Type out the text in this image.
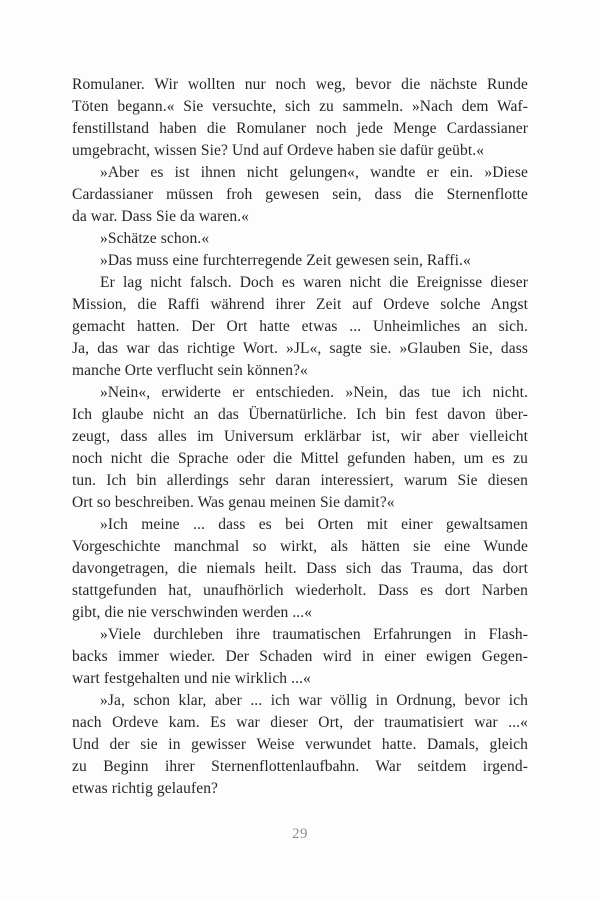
Romulaner. Wir wollten nur noch weg, bevor die nächste Runde
Töten begann.« Sie versuchte, sich zu sammeln. »Nach dem Waf-
fenstillstand haben die Romulaner noch jede Menge Cardassianer
umgebracht, wissen Sie? Und auf Ordeve haben sie dafür geübt.«
»Aber es ist ihnen nicht gelungen«, wandte er ein. »Diese
Cardassianer müssen froh gewesen sein, dass die Sternenflotte
da war. Dass Sie da waren.«
»Schätze schon.«
»Das muss eine furchterregende Zeit gewesen sein, Raffi.«
Er lag nicht falsch. Doch es waren nicht die Ereignisse dieser
Mission, die Raffi während ihrer Zeit auf Ordeve solche Angst
gemacht hatten. Der Ort hatte etwas ... Unheimliches an sich.
Ja, das war das richtige Wort. »JL«, sagte sie. »Glauben Sie, dass
manche Orte verflucht sein können?«
»Nein«, erwiderte er entschieden. »Nein, das tue ich nicht.
Ich glaube nicht an das Übernatürliche. Ich bin fest davon über-
zeugt, dass alles im Universum erklärbar ist, wir aber vielleicht
noch nicht die Sprache oder die Mittel gefunden haben, um es zu
tun. Ich bin allerdings sehr daran interessiert, warum Sie diesen
Ort so beschreiben. Was genau meinen Sie damit?«
»Ich meine ... dass es bei Orten mit einer gewaltsamen
Vorgeschichte manchmal so wirkt, als hätten sie eine Wunde
davongetragen, die niemals heilt. Dass sich das Trauma, das dort
stattgefunden hat, unaufhörlich wiederholt. Dass es dort Narben
gibt, die nie verschwinden werden ...«
»Viele durchleben ihre traumatischen Erfahrungen in Flash-
backs immer wieder. Der Schaden wird in einer ewigen Gegen-
wart festgehalten und nie wirklich ...«
»Ja, schon klar, aber ... ich war völlig in Ordnung, bevor ich
nach Ordeve kam. Es war dieser Ort, der traumatisiert war ...«
Und der sie in gewisser Weise verwundet hatte. Damals, gleich
zu Beginn ihrer Sternenflottenlaufbahn. War seitdem irgend-
etwas richtig gelaufen?
29
